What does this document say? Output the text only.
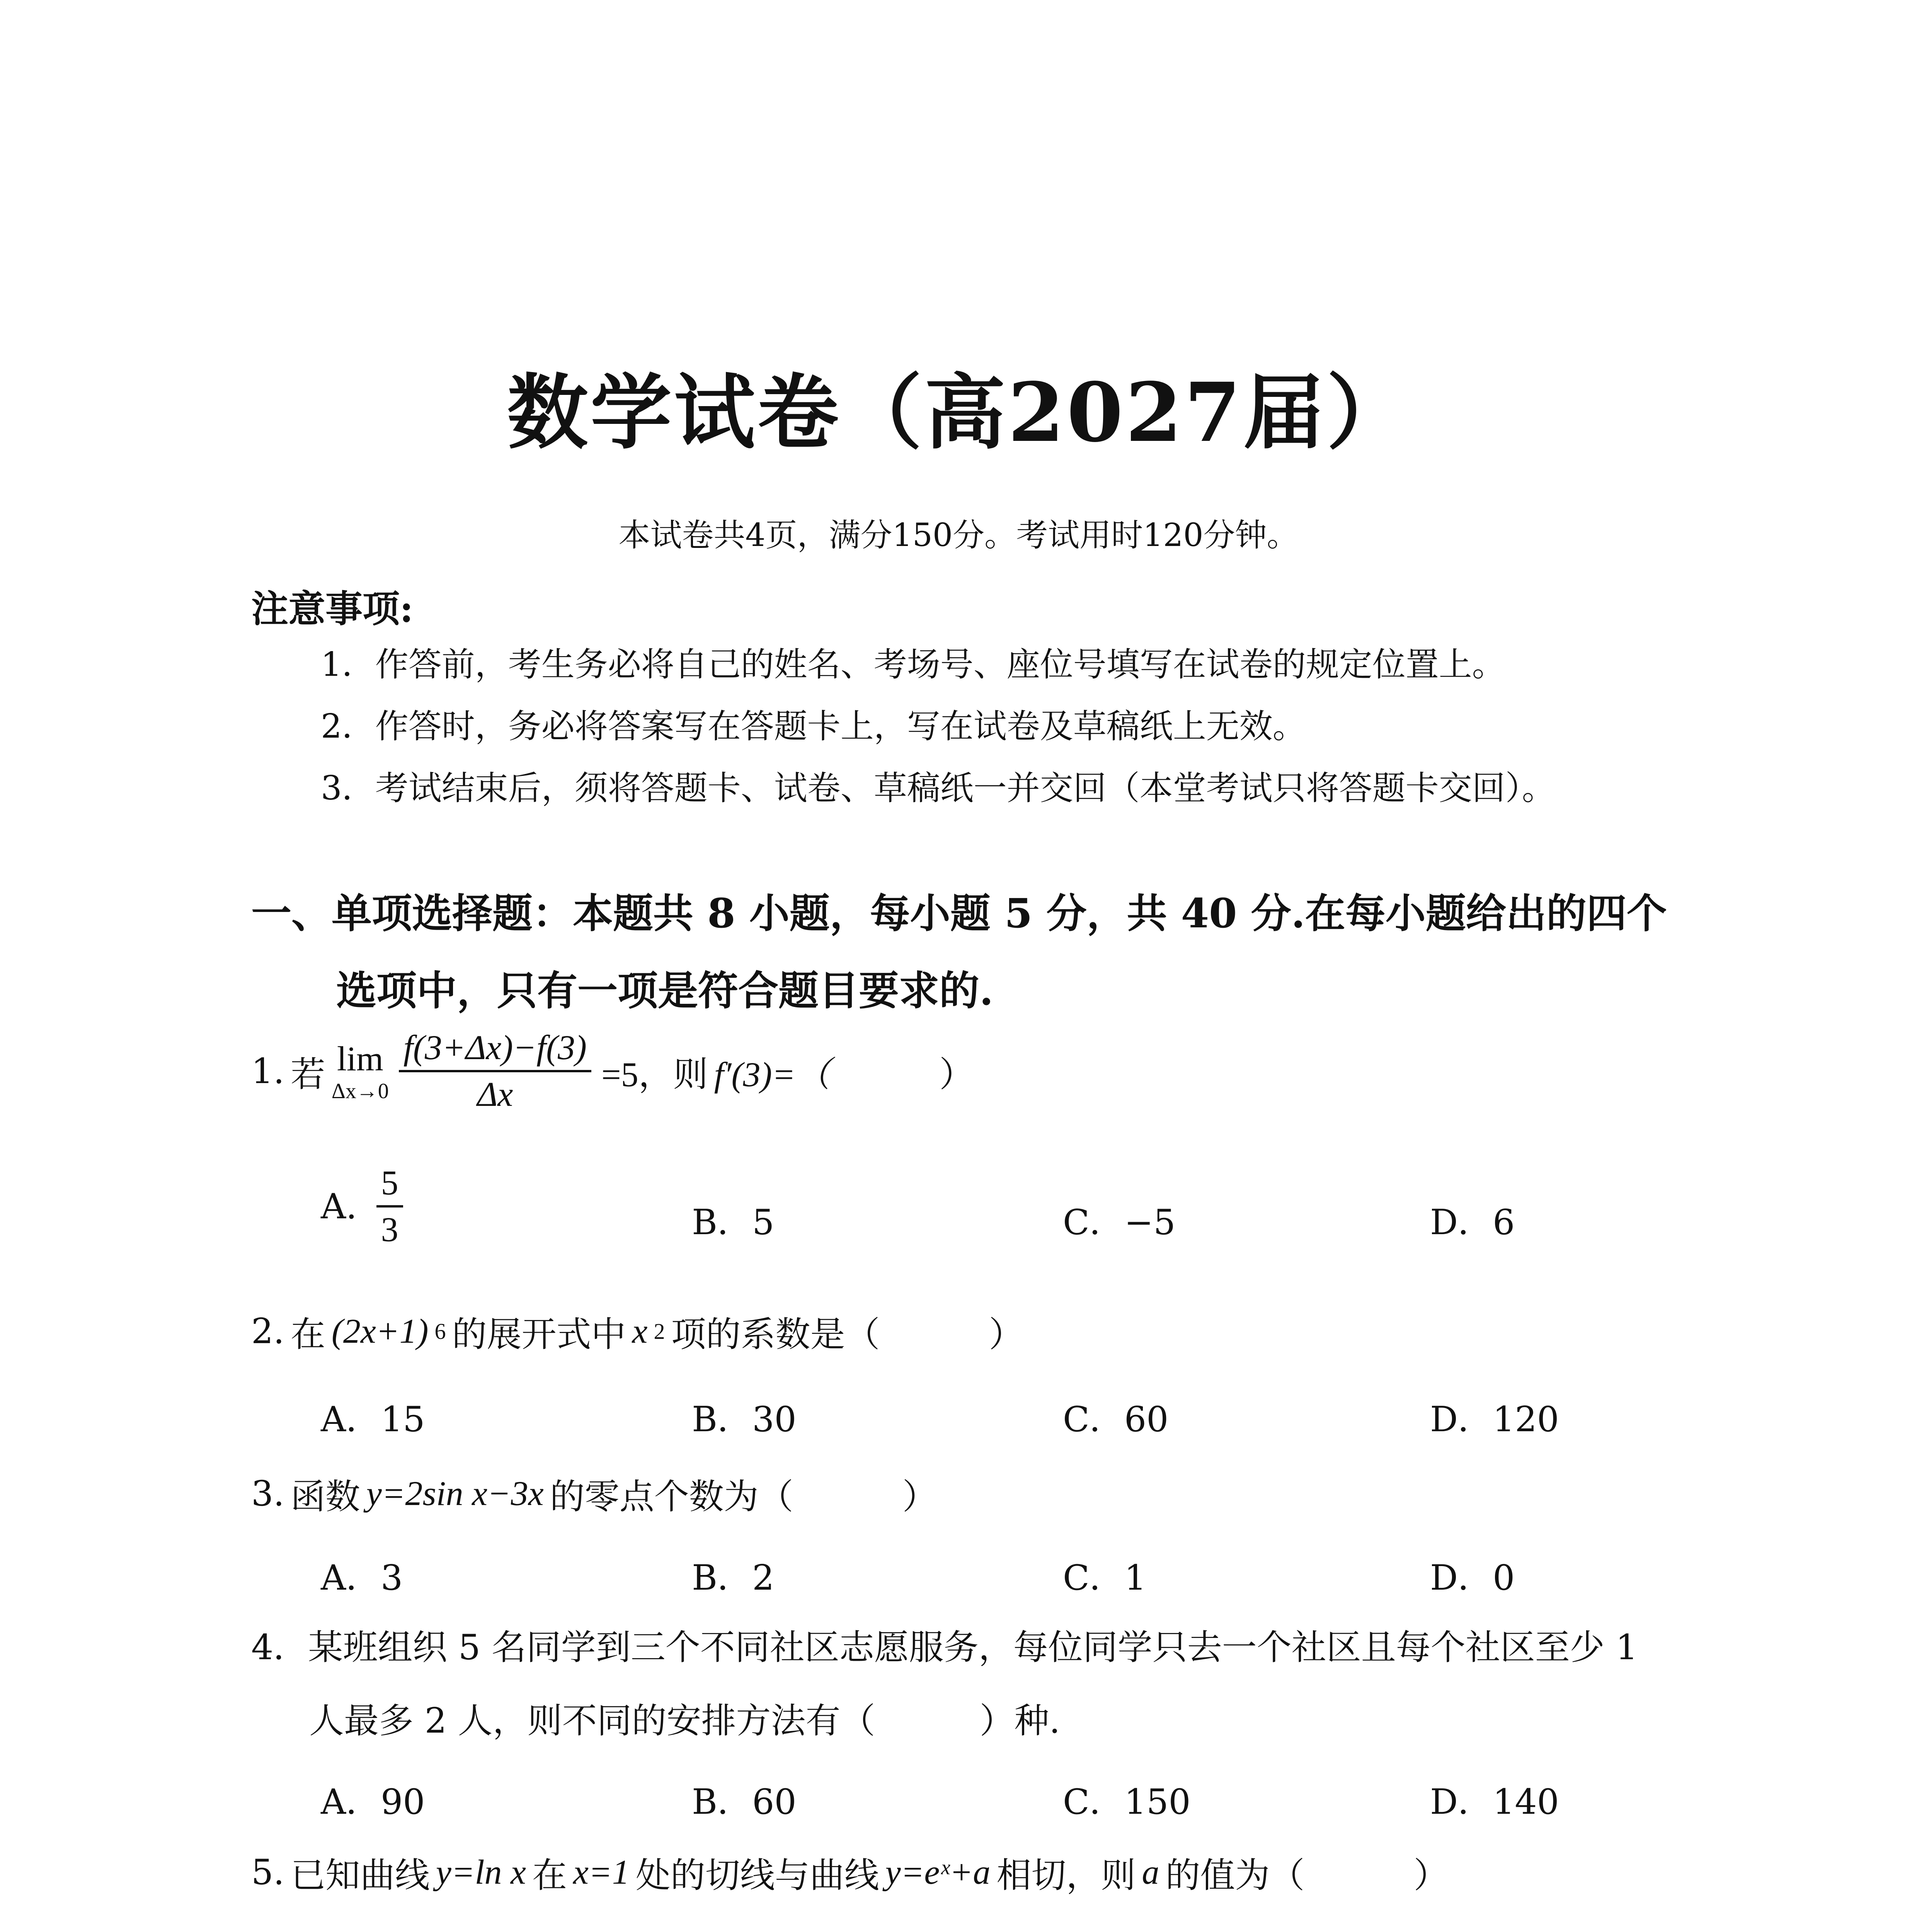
数学试卷（高2027届）
本试卷共4页，满分150分。考试用时120分钟。
注意事项:
1．作答前，考生务必将自己的姓名、考场号、座位号填写在试卷的规定位置上。
2．作答时，务必将答案写在答题卡上，写在试卷及草稿纸上无效。
3．考试结束后，须将答题卡、试卷、草稿纸一并交回（本堂考试只将答题卡交回）。
一、单项选择题：本题共 8 小题，每小题 5 分，共 40 分.在每小题给出的四个
选项中，只有一项是符合题目要求的.
1. 若 lim
Δx→0
f(3+Δx)−f(3)
Δx
=5，则 f′(3)=（	）
A.
5
3	B．5	C．−5	D．6
2. 在 (2x+1) 6 的展开式中 x 2 项的系数是（	）
A．15	B．30	C．60	D．120
3. 函数 y=2sin x−3x 的零点个数为（	）
A．3	B．2	C．1	D．0
4．某班组织 5 名同学到三个不同社区志愿服务，每位同学只去一个社区且每个社区至少 1
人最多 2 人，则不同的安排方法有（　　　）种.
A．90	B．60	C．150	D．140
5. 已知曲线 y=ln x 在 x=1 处的切线与曲线 y=eˣ+a 相切，则 a 的值为（	）
